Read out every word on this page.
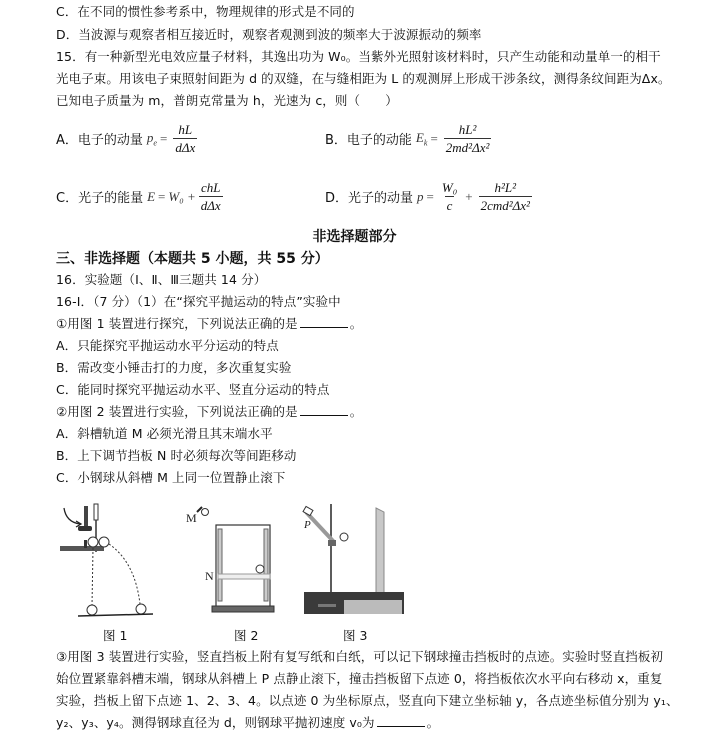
C．在不同的惯性参考系中，物理规律的形式是不同的
D．当波源与观察者相互接近时，观察者观测到波的频率大于波源振动的频率
15．有一种新型光电效应量子材料，其逸出功为 W₀。当紫外光照射该材料时，只产生动能和动量单一的相干
光电子束。用该电子束照射间距为 d 的双缝，在与缝相距为 L 的观测屏上形成干涉条纹，测得条纹间距为Δx。
已知电子质量为 m，普朗克常量为 h，光速为 c，则（　　）
A．电子的动量 $p_e = \frac{hL}{\text{dΔx}}$	B．电子的动能 $E_k = \frac{\text{hL²}}{\text{2md²Δx²}}$
C．光子的能量 $E = W_0 + \frac{\text{chL}}{\text{dΔx}}$	D．光子的动量 $p = \frac{\text{W₀}}{c} + \frac{\text{h²L²}}{\text{2cmd²Δx²}}$
非选择题部分
三、非选择题（本题共 5 小题，共 55 分）
16．实验题（Ⅰ、Ⅱ、Ⅲ三题共 14 分）
16-Ⅰ．（7 分）（1）在“探究平抛运动的特点”实验中
①用图 1 装置进行探究，下列说法正确的是	。
A．只能探究平抛运动水平分运动的特点
B．需改变小锤击打的力度，多次重复实验
C．能同时探究平抛运动水平、竖直分运动的特点
②用图 2 装置进行实验，下列说法正确的是	。
A．斜槽轨道 M 必须光滑且其末端水平
B．上下调节挡板 N 时必须每次等间距移动
C．小钢球从斜槽 M 上同一位置静止滚下
图 1
M
N
图 2
P
图 3
③用图 3 装置进行实验，竖直挡板上附有复写纸和白纸，可以记下钢球撞击挡板时的点迹。实验时竖直挡板初
始位置紧靠斜槽末端，钢球从斜槽上 P 点静止滚下，撞击挡板留下点迹 0，将挡板依次水平向右移动 x，重复
实验，挡板上留下点迹 1、2、3、4。以点迹 0 为坐标原点，竖直向下建立坐标轴 y，各点迹坐标值分别为 y₁、
y₂、y₃、y₄。测得钢球直径为 d，则钢球平抛初速度 v₀为	。
